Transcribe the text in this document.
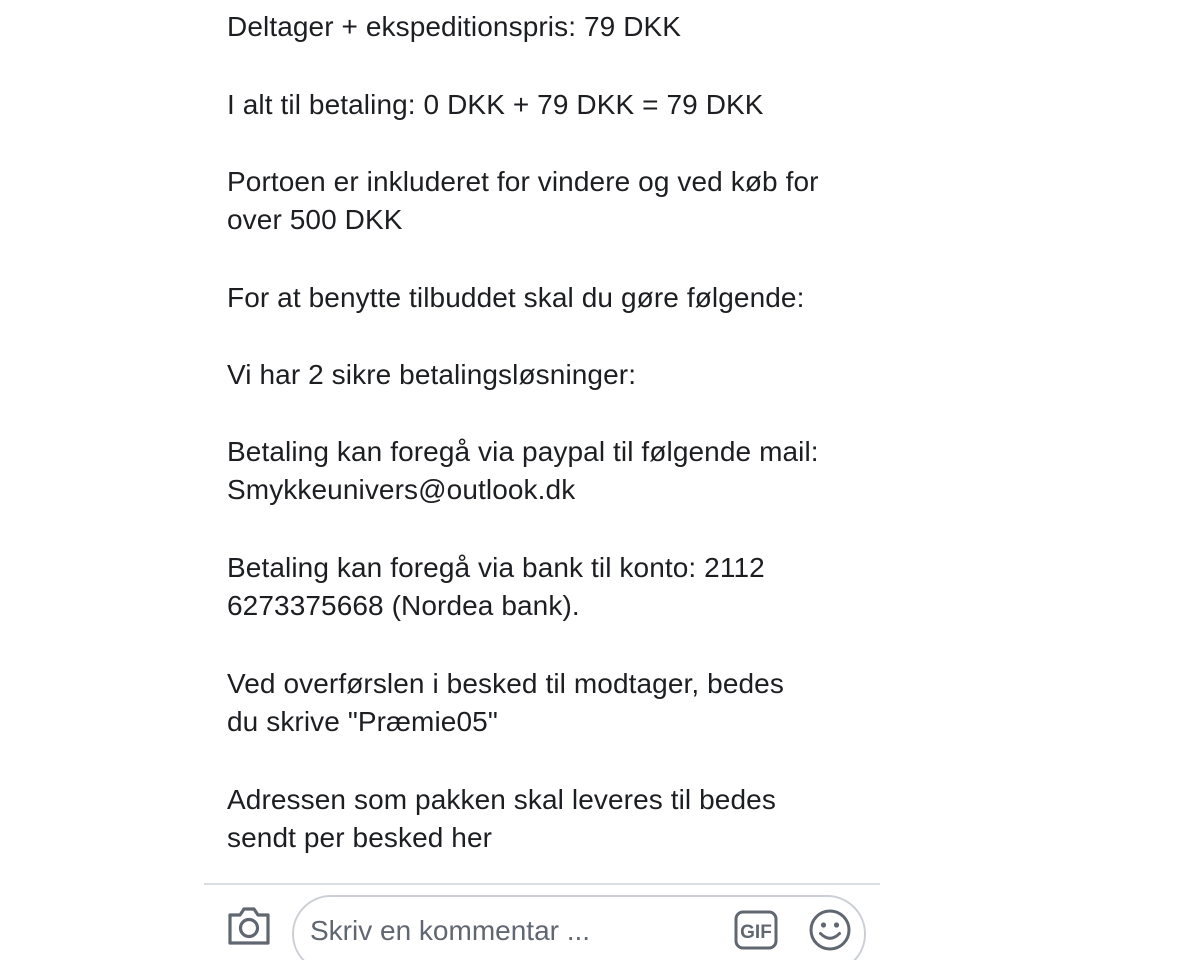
Deltager + ekspeditionspris: 79 DKK

I alt til betaling: 0 DKK + 79 DKK = 79 DKK

Portoen er inkluderet for vindere og ved køb for
over 500 DKK

For at benytte tilbuddet skal du gøre følgende:

Vi har 2 sikre betalingsløsninger:

Betaling kan foregå via paypal til følgende mail:
Smykkeunivers@outlook.dk

Betaling kan foregå via bank til konto: 2112
6273375668 (Nordea bank).

Ved overførslen i besked til modtager, bedes
du skrive "Præmie05"

Adressen som pakken skal leveres til bedes
sendt per besked her

Skriv en kommentar ...
GIF
